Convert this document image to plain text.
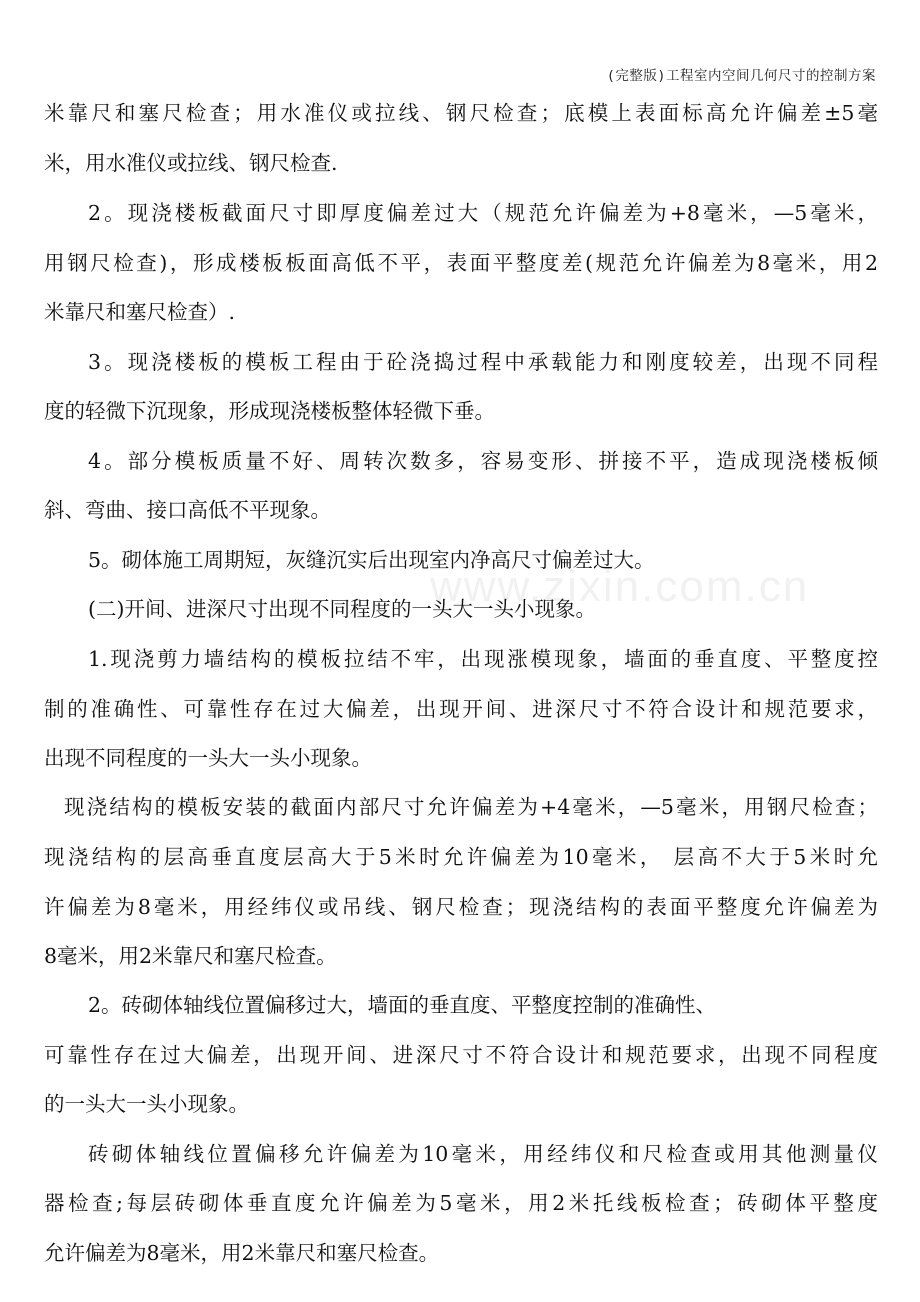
(完整版)工程室内空间几何尺寸的控制方案
www.zixin.com.cn
米靠尺和塞尺检查；用水准仪或拉线、钢尺检查；底模上表面标高允许偏差±5毫
米，用水准仪或拉线、钢尺检查.
2。现浇楼板截面尺寸即厚度偏差过大（规范允许偏差为+8毫米，—5毫米，
用钢尺检查)，形成楼板板面高低不平，表面平整度差(规范允许偏差为8毫米，用2
米靠尺和塞尺检查）.
3。现浇楼板的模板工程由于砼浇捣过程中承载能力和刚度较差，出现不同程
度的轻微下沉现象，形成现浇楼板整体轻微下垂。
4。部分模板质量不好、周转次数多，容易变形、拼接不平，造成现浇楼板倾
斜、弯曲、接口高低不平现象。
5。砌体施工周期短，灰缝沉实后出现室内净高尺寸偏差过大。
(二)开间、进深尺寸出现不同程度的一头大一头小现象。
1.现浇剪力墙结构的模板拉结不牢，出现涨模现象，墙面的垂直度、平整度控
制的准确性、可靠性存在过大偏差，出现开间、进深尺寸不符合设计和规范要求，
出现不同程度的一头大一头小现象。
现浇结构的模板安装的截面内部尺寸允许偏差为+4毫米，—5毫米，用钢尺检查；
现浇结构的层高垂直度层高大于5米时允许偏差为10毫米， 层高不大于5米时允
许偏差为8毫米，用经纬仪或吊线、钢尺检查；现浇结构的表面平整度允许偏差为
8毫米，用2米靠尺和塞尺检查。
2。砖砌体轴线位置偏移过大，墙面的垂直度、平整度控制的准确性、
可靠性存在过大偏差，出现开间、进深尺寸不符合设计和规范要求，出现不同程度
的一头大一头小现象。
砖砌体轴线位置偏移允许偏差为10毫米，用经纬仪和尺检查或用其他测量仪
器检查;每层砖砌体垂直度允许偏差为5毫米，用2米托线板检查；砖砌体平整度
允许偏差为8毫米，用2米靠尺和塞尺检查。
